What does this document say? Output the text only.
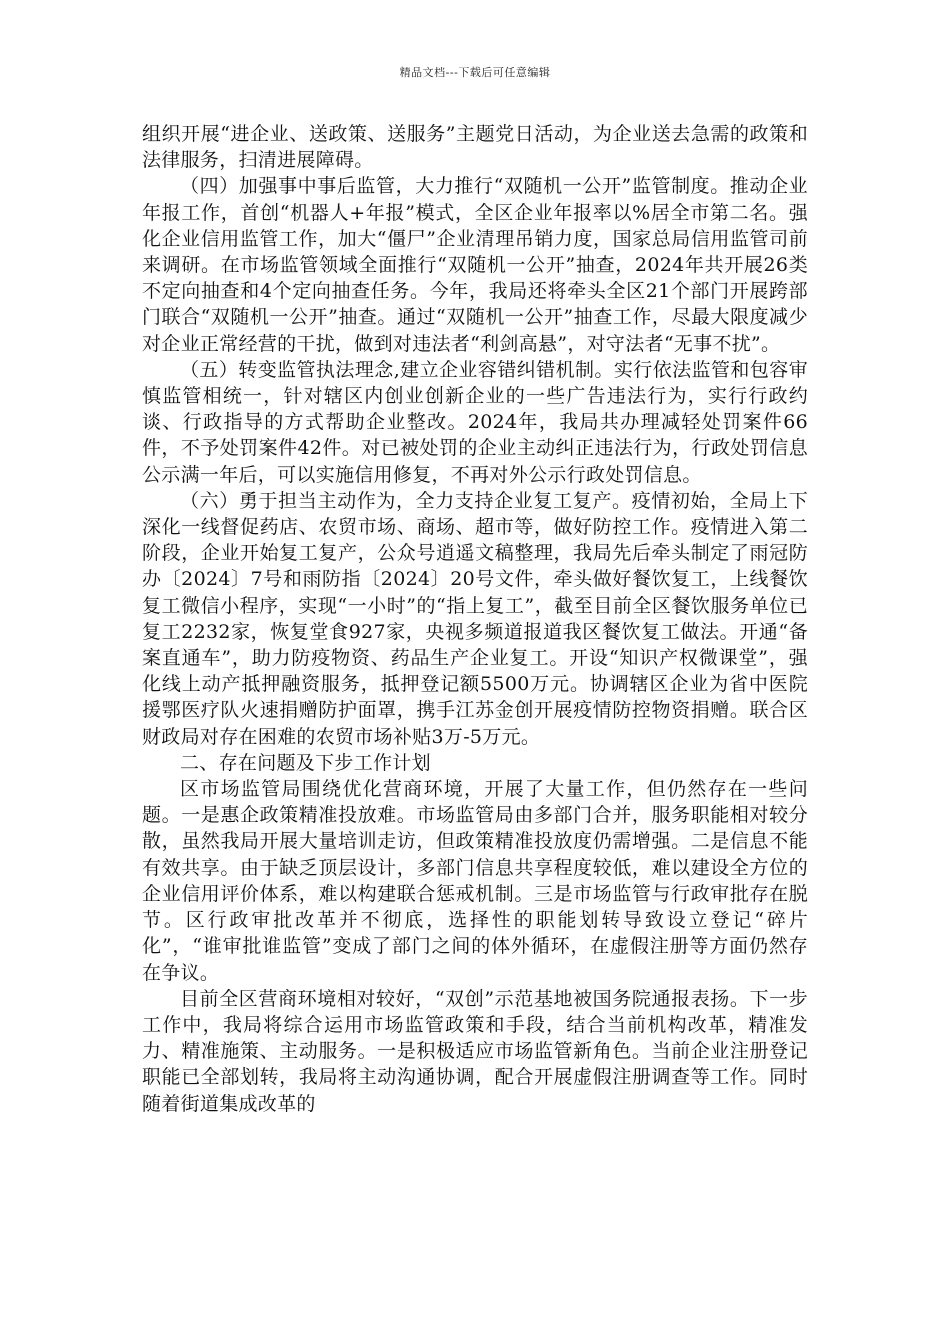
精品文档---下载后可任意编辑

组织开展“进企业、送政策、送服务”主题党日活动，为企业送去急需的政策和法律服务，扫清进展障碍。

（四）加强事中事后监管，大力推行“双随机一公开”监管制度。推动企业年报工作，首创“机器人+年报”模式，全区企业年报率以%居全市第二名。强化企业信用监管工作，加大“僵尸”企业清理吊销力度，国家总局信用监管司前来调研。在市场监管领域全面推行“双随机一公开”抽查，2024年共开展26类不定向抽查和4个定向抽查任务。今年，我局还将牵头全区21个部门开展跨部门联合“双随机一公开”抽查。通过“双随机一公开”抽查工作，尽最大限度减少对企业正常经营的干扰，做到对违法者“利剑高悬”，对守法者“无事不扰”。

（五）转变监管执法理念,建立企业容错纠错机制。实行依法监管和包容审慎监管相统一，针对辖区内创业创新企业的一些广告违法行为，实行行政约谈、行政指导的方式帮助企业整改。2024年，我局共办理减轻处罚案件66件，不予处罚案件42件。对已被处罚的企业主动纠正违法行为，行政处罚信息公示满一年后，可以实施信用修复，不再对外公示行政处罚信息。

（六）勇于担当主动作为，全力支持企业复工复产。疫情初始，全局上下深化一线督促药店、农贸市场、商场、超市等，做好防控工作。疫情进入第二阶段，企业开始复工复产，公众号逍遥文稿整理，我局先后牵头制定了雨冠防办〔2024〕7号和雨防指〔2024〕20号文件，牵头做好餐饮复工，上线餐饮复工微信小程序，实现“一小时”的“指上复工”，截至目前全区餐饮服务单位已复工2232家，恢复堂食927家，央视多频道报道我区餐饮复工做法。开通“备案直通车”，助力防疫物资、药品生产企业复工。开设“知识产权微课堂”，强化线上动产抵押融资服务，抵押登记额5500万元。协调辖区企业为省中医院援鄂医疗队火速捐赠防护面罩，携手江苏金创开展疫情防控物资捐赠。联合区财政局对存在困难的农贸市场补贴3万-5万元。

二、存在问题及下步工作计划

区市场监管局围绕优化营商环境，开展了大量工作，但仍然存在一些问题。一是惠企政策精准投放难。市场监管局由多部门合并，服务职能相对较分散，虽然我局开展大量培训走访，但政策精准投放度仍需增强。二是信息不能有效共享。由于缺乏顶层设计，多部门信息共享程度较低，难以建设全方位的企业信用评价体系，难以构建联合惩戒机制。三是市场监管与行政审批存在脱节。区行政审批改革并不彻底，选择性的职能划转导致设立登记“碎片化”，“谁审批谁监管”变成了部门之间的体外循环，在虚假注册等方面仍然存在争议。

目前全区营商环境相对较好，“双创”示范基地被国务院通报表扬。下一步工作中，我局将综合运用市场监管政策和手段，结合当前机构改革，精准发力、精准施策、主动服务。一是积极适应市场监管新角色。当前企业注册登记职能已全部划转，我局将主动沟通协调，配合开展虚假注册调查等工作。同时随着街道集成改革的
